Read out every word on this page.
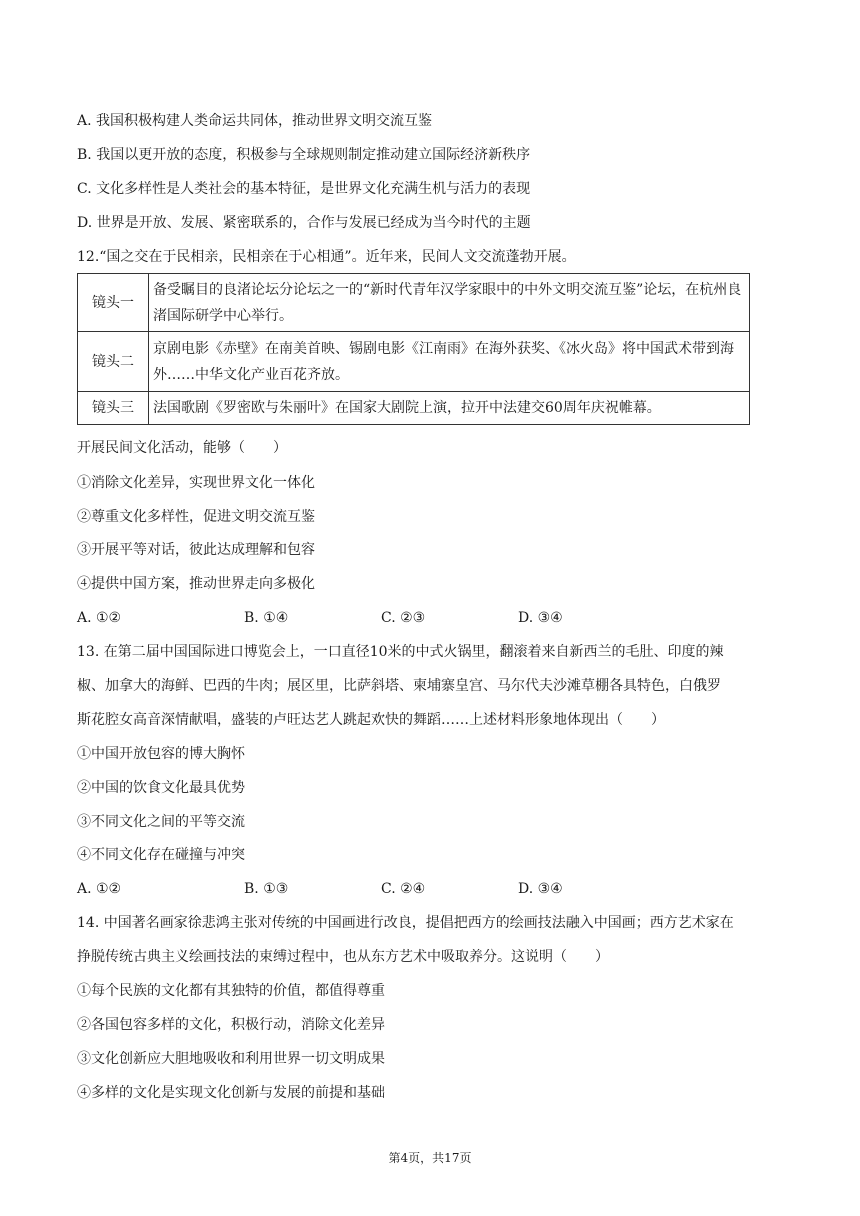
A. 我国积极构建人类命运共同体，推动世界文明交流互鉴
B. 我国以更开放的态度，积极参与全球规则制定推动建立国际经济新秩序
C. 文化多样性是人类社会的基本特征，是世界文化充满生机与活力的表现
D. 世界是开放、发展、紧密联系的，合作与发展已经成为当今时代的主题
12.“国之交在于民相亲，民相亲在于心相通”。近年来，民间人文交流蓬勃开展。
镜头一	备受瞩目的良渚论坛分论坛之一的“新时代青年汉学家眼中的中外文明交流互鉴”论坛，在杭州良渚国际研学中心举行。
镜头二	京剧电影《赤壁》在南美首映、锡剧电影《江南雨》在海外获奖、《冰火岛》将中国武术带到海外……中华文化产业百花齐放。
镜头三	法国歌剧《罗密欧与朱丽叶》在国家大剧院上演，拉开中法建交60周年庆祝帷幕。
开展民间文化活动，能够（　　）
①消除文化差异，实现世界文化一体化
②尊重文化多样性，促进文明交流互鉴
③开展平等对话，彼此达成理解和包容
④提供中国方案，推动世界走向多极化
A. ①②	B. ①④	C. ②③	D. ③④
13. 在第二届中国国际进口博览会上，一口直径10米的中式火锅里，翻滚着来自新西兰的毛肚、印度的辣
椒、加拿大的海鲜、巴西的牛肉；展区里，比萨斜塔、柬埔寨皇宫、马尔代夫沙滩草棚各具特色，白俄罗
斯花腔女高音深情献唱，盛装的卢旺达艺人跳起欢快的舞蹈……上述材料形象地体现出（　　）
①中国开放包容的博大胸怀
②中国的饮食文化最具优势
③不同文化之间的平等交流
④不同文化存在碰撞与冲突
A. ①②	B. ①③	C. ②④	D. ③④
14. 中国著名画家徐悲鸿主张对传统的中国画进行改良，提倡把西方的绘画技法融入中国画；西方艺术家在
挣脱传统古典主义绘画技法的束缚过程中，也从东方艺术中吸取养分。这说明（　　）
①每个民族的文化都有其独特的价值，都值得尊重
②各国包容多样的文化，积极行动，消除文化差异
③文化创新应大胆地吸收和利用世界一切文明成果
④多样的文化是实现文化创新与发展的前提和基础
第4页，共17页
